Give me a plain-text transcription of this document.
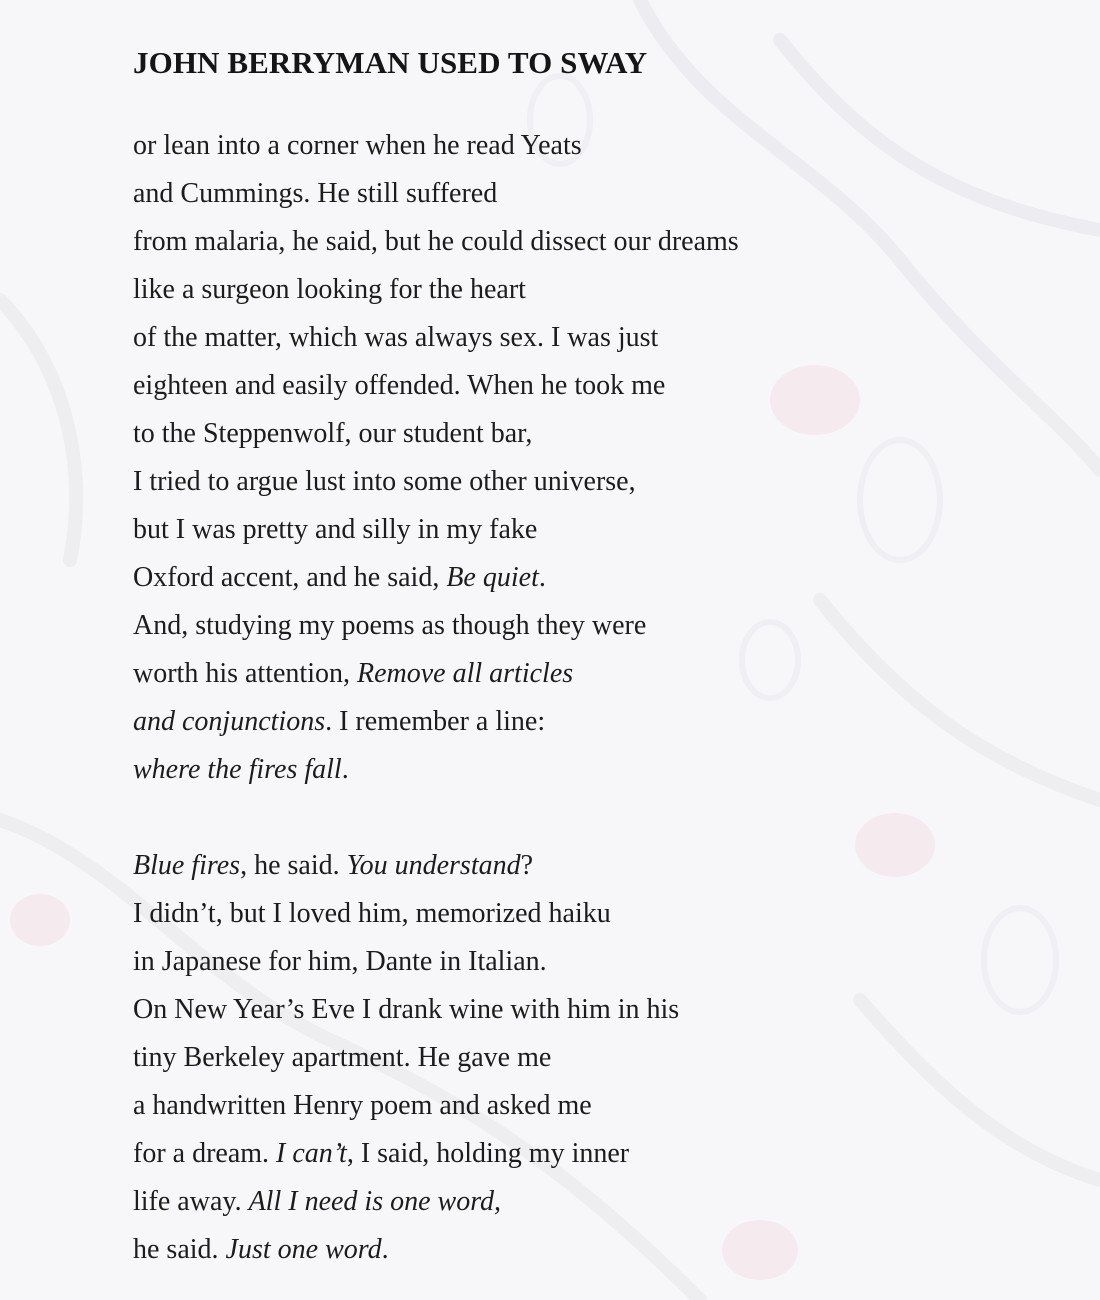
JOHN BERRYMAN USED TO SWAY
or lean into a corner when he read Yeats
and Cummings. He still suffered
from malaria, he said, but he could dissect our dreams
like a surgeon looking for the heart
of the matter, which was always sex. I was just
eighteen and easily offended. When he took me
to the Steppenwolf, our student bar,
I tried to argue lust into some other universe,
but I was pretty and silly in my fake
Oxford accent, and he said, Be quiet.
And, studying my poems as though they were
worth his attention, Remove all articles
and conjunctions. I remember a line:
where the fires fall.
Blue fires, he said. You understand?
I didn’t, but I loved him, memorized haiku
in Japanese for him, Dante in Italian.
On New Year’s Eve I drank wine with him in his
tiny Berkeley apartment. He gave me
a handwritten Henry poem and asked me
for a dream. I can’t, I said, holding my inner
life away. All I need is one word,
he said. Just one word.
